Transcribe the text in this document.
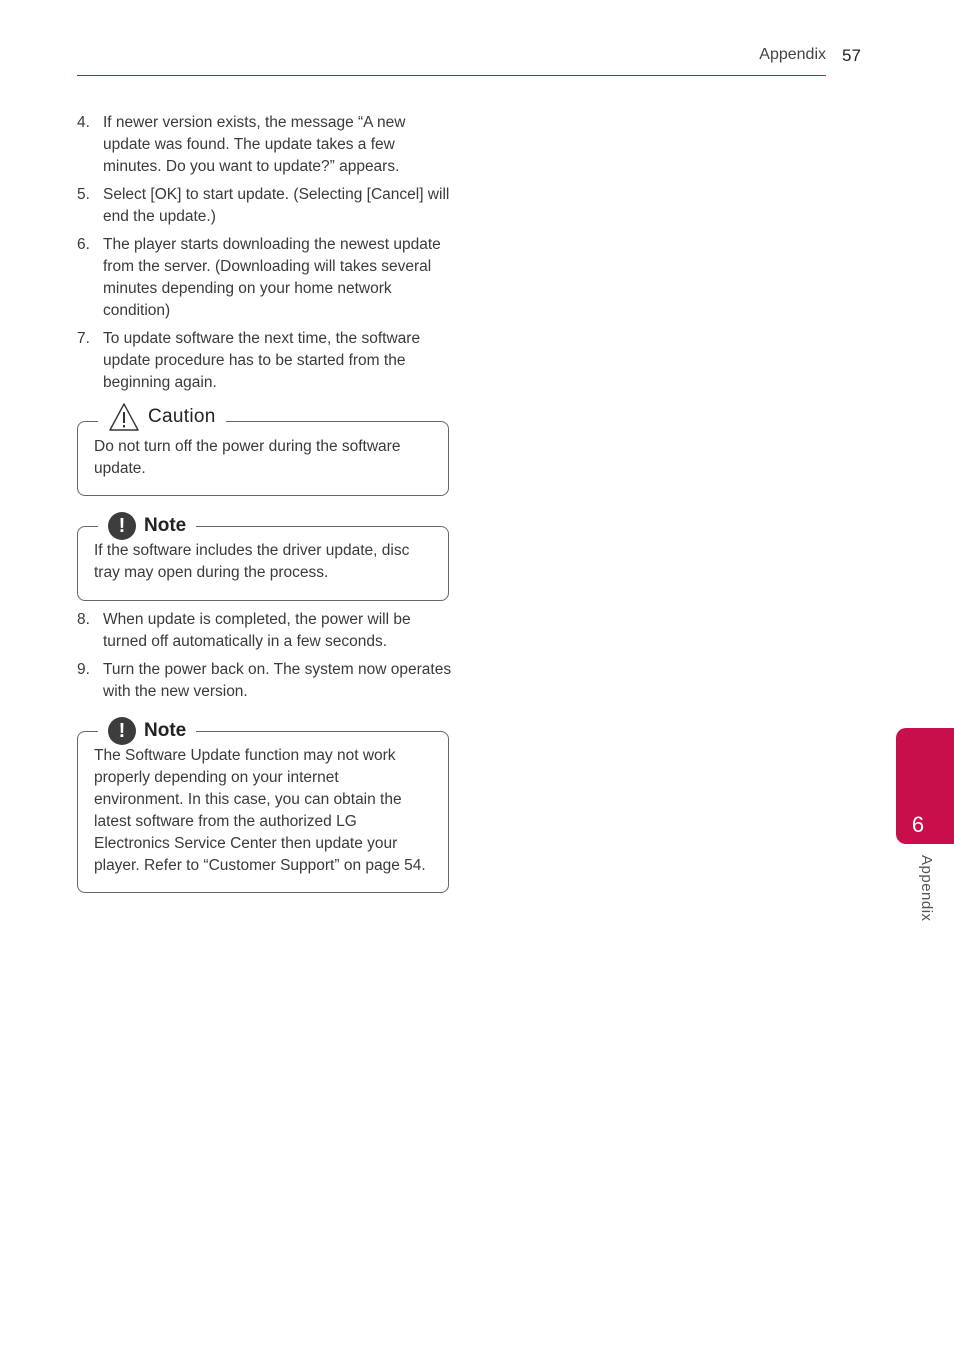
Appendix 57
4. If newer version exists, the message “A new update was found. The update takes a few minutes. Do you want to update?” appears.
5. Select [OK] to start update. (Selecting [Cancel] will end the update.)
6. The player starts downloading the newest update from the server. (Downloading will takes several minutes depending on your home network condition)
7. To update software the next time, the software update procedure has to be started from the beginning again.
Caution
Do not turn off the power during the software update.
! Note
If the software includes the driver update, disc tray may open during the process.
8. When update is completed, the power will be turned off automatically in a few seconds.
9. Turn the power back on. The system now operates with the new version.
! Note
The Software Update function may not work properly depending on your internet environment. In this case, you can obtain the latest software from the authorized LG Electronics Service Center then update your player. Refer to “Customer Support” on page 54.
6
Appendix
